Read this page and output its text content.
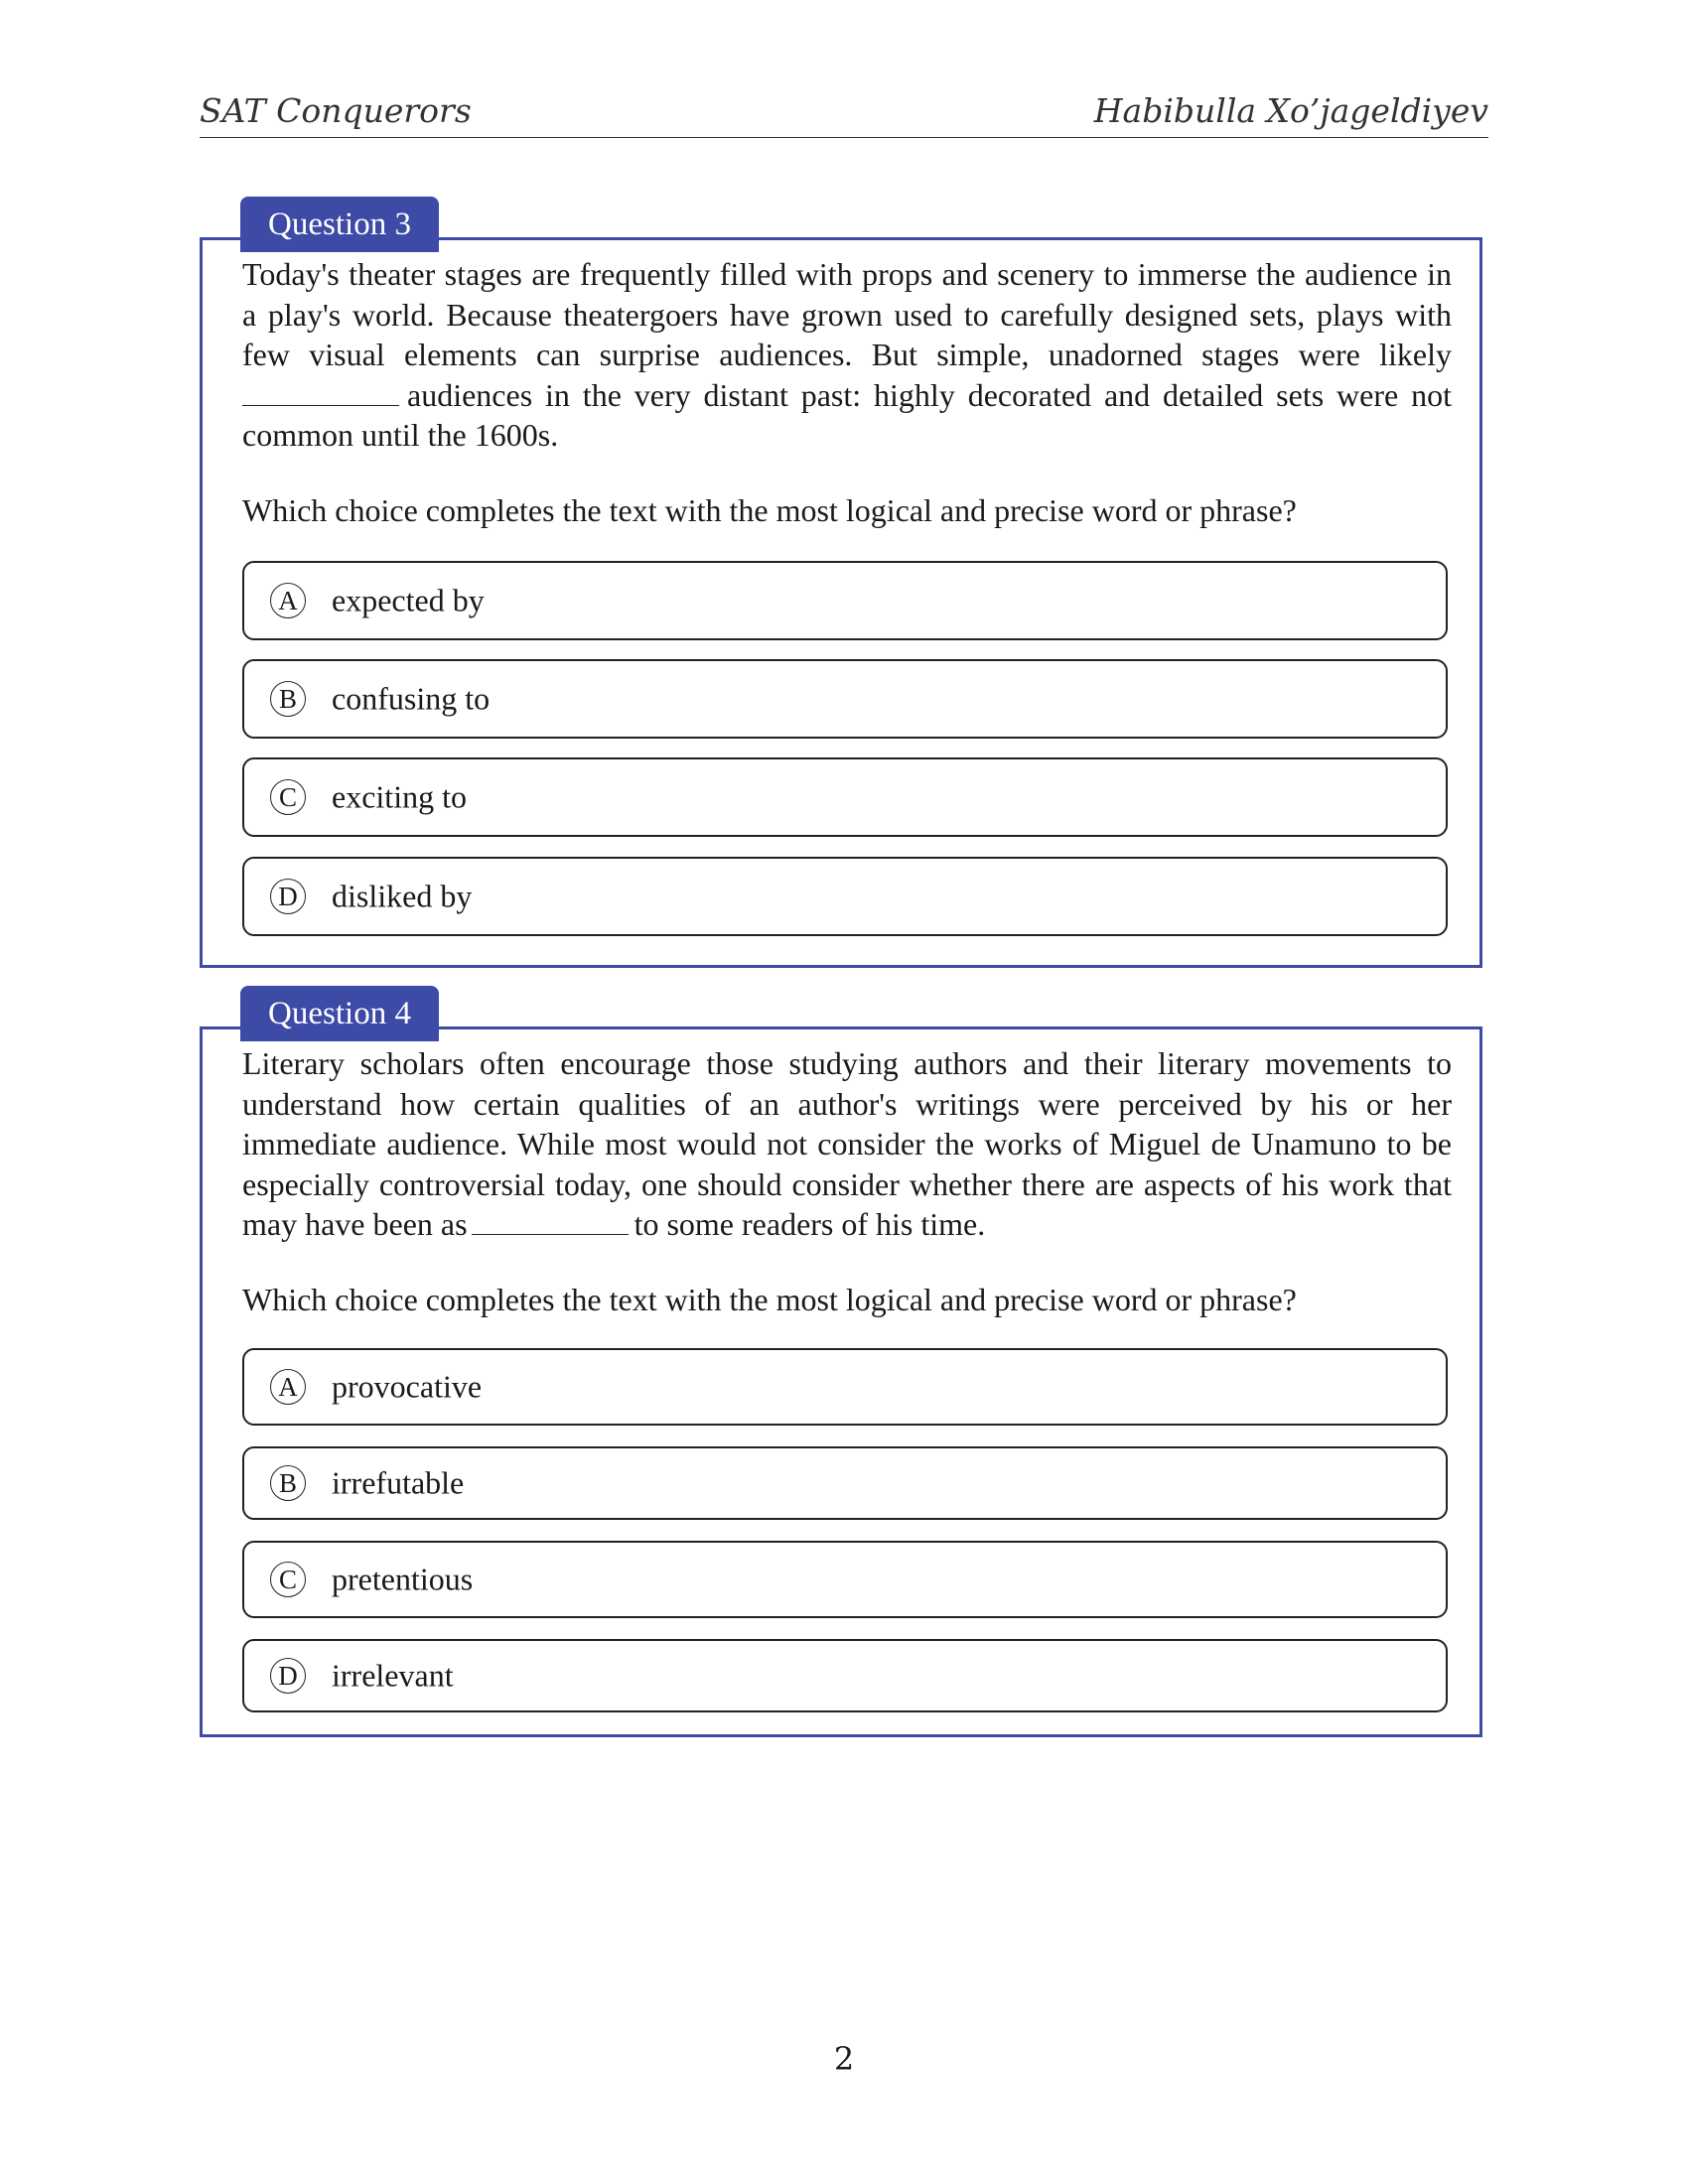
SAT Conquerors	Habibulla Xo’jageldiyev
Question 3
Today's theater stages are frequently filled with props and scenery to immerse the audience in a play's world. Because theatergoers have grown used to carefully designed sets, plays with few visual elements can surprise audiences. But simple, unadorned stages were likely audiences in the very distant past: highly decorated and detailed sets were not common until the 1600s.
Which choice completes the text with the most logical and precise word or phrase?
A expected by
B confusing to
C exciting to
D disliked by
Question 4
Literary scholars often encourage those studying authors and their literary movements to understand how certain qualities of an author's writings were perceived by his or her immediate audience. While most would not consider the works of Miguel de Unamuno to be especially controversial today, one should consider whether there are aspects of his work that may have been as	to some readers of his time.
Which choice completes the text with the most logical and precise word or phrase?
A provocative
B irrefutable
C pretentious
D irrelevant
2
